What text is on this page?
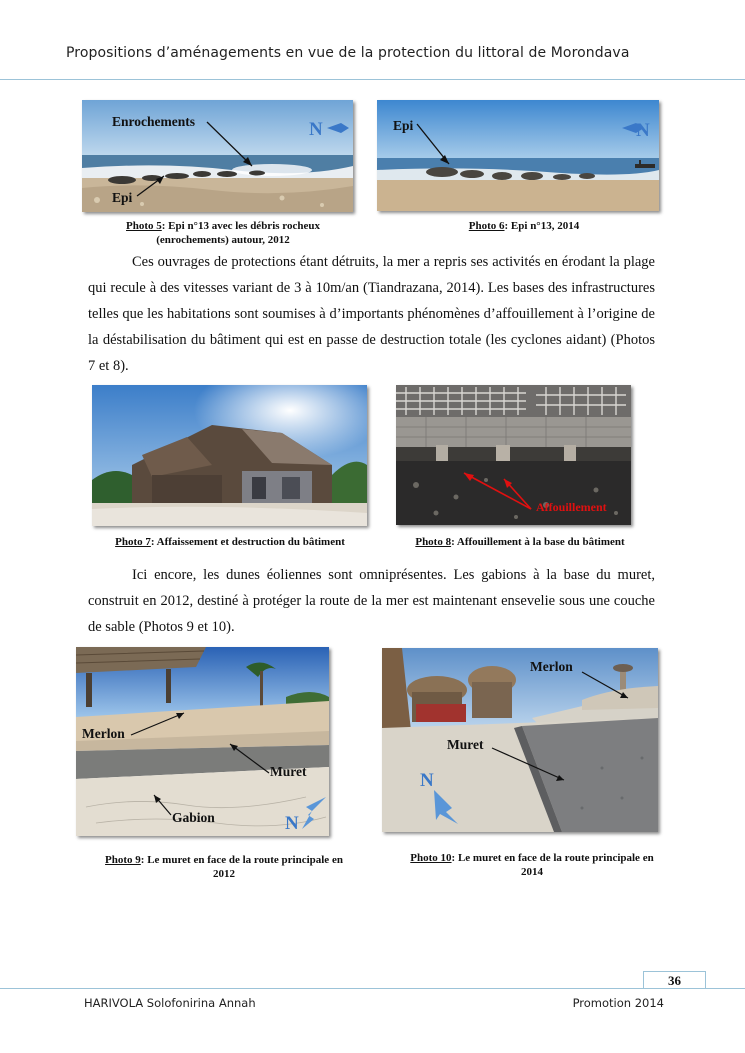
Propositions d’aménagements en vue de la protection du littoral de Morondava
Enrochements
Epi
N
Photo 5: Epi n°13 avec les débris rocheux
(enrochements) autour, 2012
Epi	N
Photo 6: Epi n°13, 2014
Ces ouvrages de protections étant détruits, la mer a repris ses activités en érodant la plage qui recule à des vitesses variant de 3 à 10m/an (Tiandrazana, 2014). Les bases des infrastructures telles que les habitations sont soumises à d’importants phénomènes d’affouillement à l’origine de la déstabilisation du bâtiment qui est en passe de destruction totale (les cyclones aidant) (Photos 7 et 8).
Photo 7: Affaissement et destruction du bâtiment
Affouillement
Photo 8: Affouillement à la base du bâtiment
Ici encore, les dunes éoliennes sont omniprésentes. Les gabions à la base du muret, construit en 2012, destiné à protéger la route de la mer est maintenant ensevelie sous une couche de sable (Photos 9 et 10).
Merlon
Muret
Gabion	N
Photo 9: Le muret en face de la route principale en
2012
Merlon
Muret
N
Photo 10: Le muret en face de la route principale en
2014
36
HARIVOLA Solofonirina Annah	Promotion 2014
